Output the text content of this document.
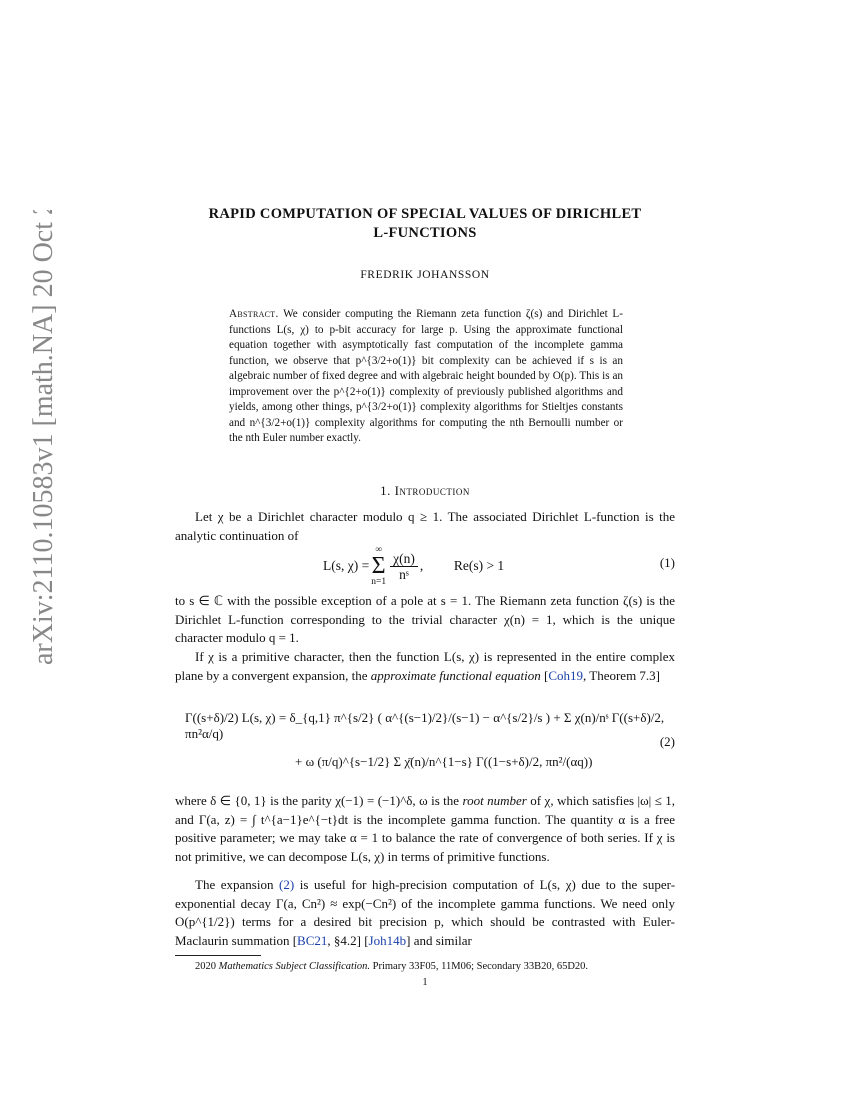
arXiv:2110.10583v1 [math.NA] 20 Oct 2021	RAPID COMPUTATION OF SPECIAL VALUES OF DIRICHLET
L-FUNCTIONS
FREDRIK JOHANSSON
Abstract. We consider computing the Riemann zeta function ζ(s) and Dirichlet L-functions L(s, χ) to p-bit accuracy for large p. Using the approximate functional equation together with asymptotically fast computation of the incomplete gamma function, we observe that p^{3/2+o(1)} bit complexity can be achieved if s is an algebraic number of fixed degree and with algebraic height bounded by O(p). This is an improvement over the p^{2+o(1)} complexity of previously published algorithms and yields, among other things, p^{3/2+o(1)} complexity algorithms for Stieltjes constants and n^{3/2+o(1)} complexity algorithms for computing the nth Bernoulli number or the nth Euler number exactly.
1. Introduction
Let χ be a Dirichlet character modulo q ≥ 1. The associated Dirichlet L-function is the analytic continuation of
L(s, χ) =
∞
Σ
n=1
$\frac{\chi(n)}{\text{nˢ}}$ ,	Re(s) > 1	(1)
to s ∈ ℂ with the possible exception of a pole at s = 1. The Riemann zeta function ζ(s) is the Dirichlet L-function corresponding to the trivial character χ(n) = 1, which is the unique character modulo q = 1.
If χ is a primitive character, then the function L(s, χ) is represented in the entire complex plane by a convergent expansion, the approximate functional equation [Coh19, Theorem 7.3]
Γ((s+δ)/2) L(s, χ) = δ_{q,1} π^{s/2} ( α^{(s−1)/2}/(s−1) − α^{s/2}/s ) + Σ χ(n)/nˢ Γ((s+δ)/2, πn²α/q)
+ ω (π/q)^{s−1/2} Σ χ̄(n)/n^{1−s} Γ((1−s+δ)/2, πn²/(αq))
(2)
where δ ∈ {0, 1} is the parity χ(−1) = (−1)^δ, ω is the root number of χ, which satisfies |ω| ≤ 1, and Γ(a, z) = ∫ t^{a−1}e^{−t}dt is the incomplete gamma function. The quantity α is a free positive parameter; we may take α = 1 to balance the rate of convergence of both series. If χ is not primitive, we can decompose L(s, χ) in terms of primitive functions.
The expansion (2) is useful for high-precision computation of L(s, χ) due to the super-exponential decay Γ(a, Cn²) ≈ exp(−Cn²) of the incomplete gamma functions. We need only O(p^{1/2}) terms for a desired bit precision p, which should be contrasted with Euler-Maclaurin summation [BC21, §4.2] [Joh14b] and similar
2020 Mathematics Subject Classification. Primary 33F05, 11M06; Secondary 33B20, 65D20.
1
